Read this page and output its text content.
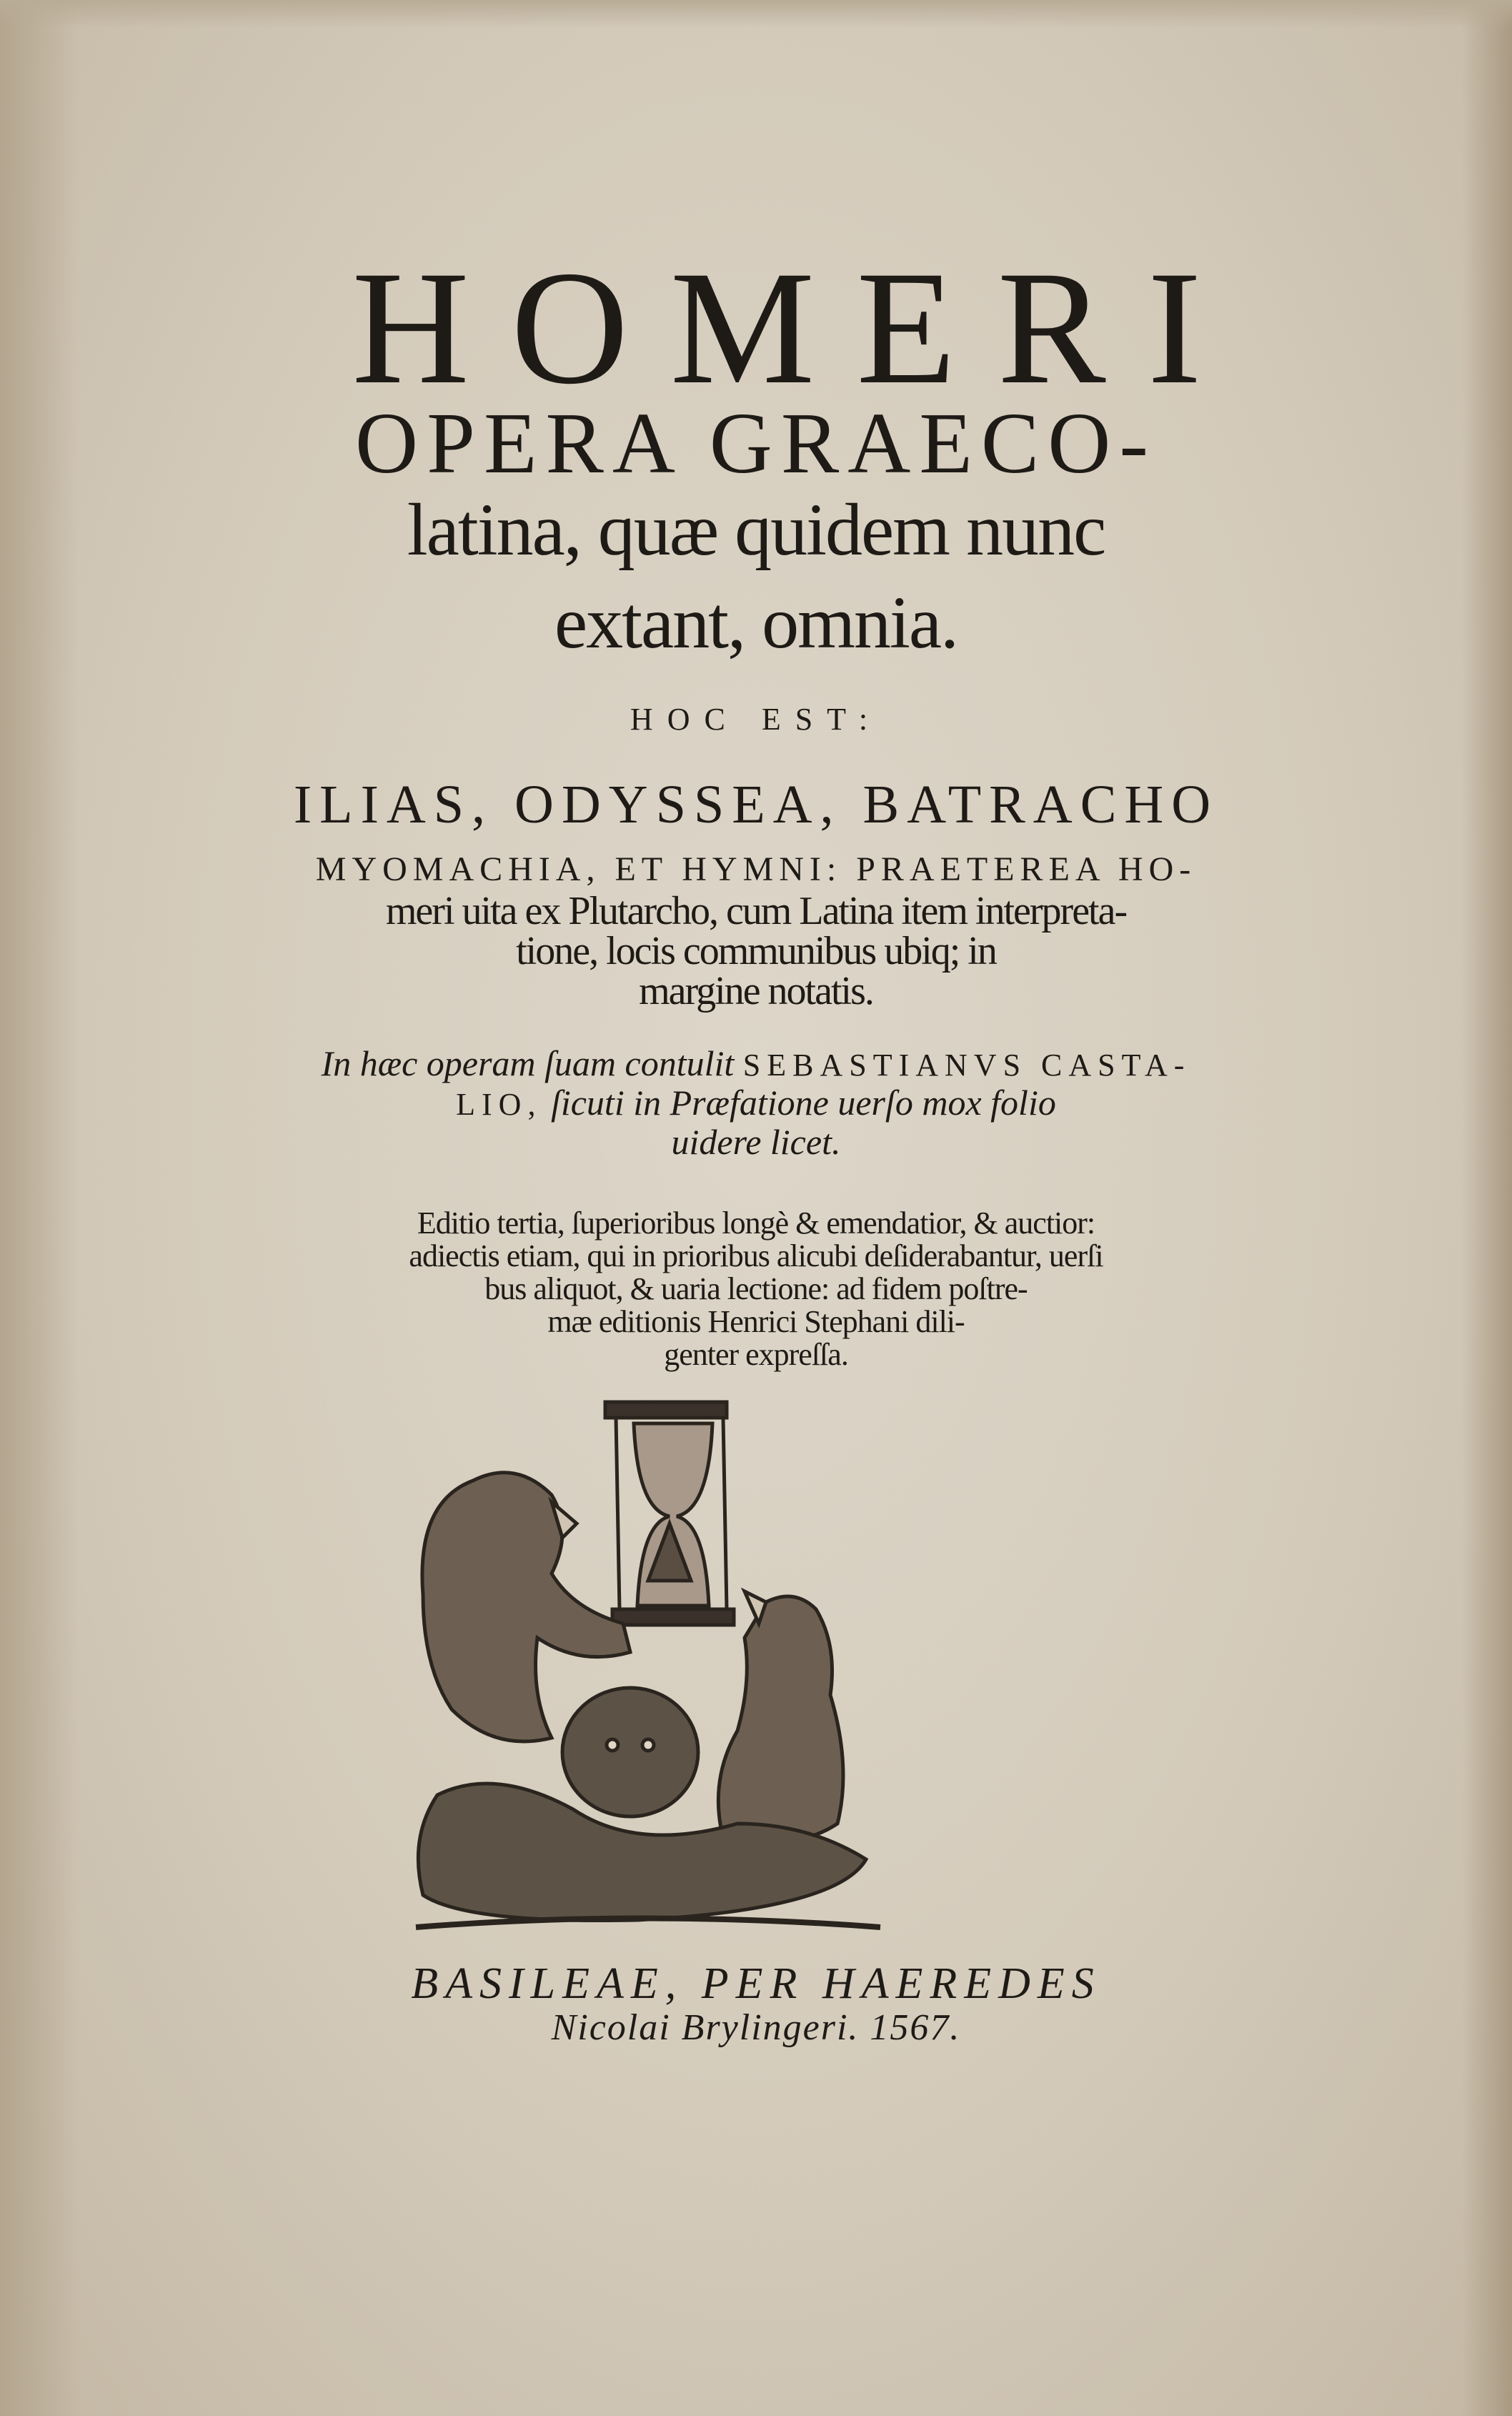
HOMERI
OPERA GRAECO-
latina, quæ quidem nunc
extant, omnia.
HOC EST:
ILIAS, ODYSSEA, BATRACHO
MYOMACHIA, ET HYMNI: PRAETEREA HO-
meri uita ex Plutarcho, cum Latina item interpreta-
tione, locis communibus ubiq; in
margine notatis.
In hæc operam ſuam contulit SEBASTIANVS CASTA-
LIO, ſicuti in Præfatione uerſo mox folio
uidere licet.
Editio tertia, ſuperioribus longè & emendatior, & auctior:
adiectis etiam, qui in prioribus alicubi deſiderabantur, uerſi
bus aliquot, & uaria lectione: ad fidem poſtre-
mæ editionis Henrici Stephani dili-
genter expreſſa.
BASILEAE, PER HAEREDES
Nicolai Brylingeri. 1567.
